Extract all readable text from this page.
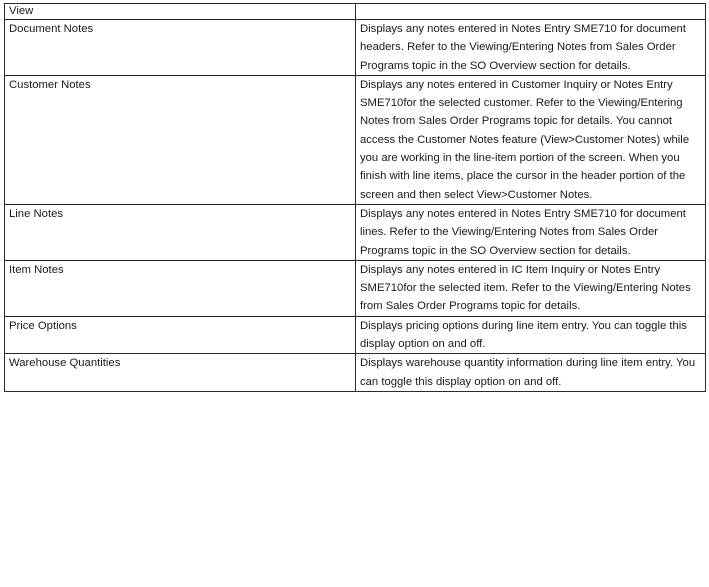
View	
Document Notes	Displays any notes entered in Notes Entry SME710 for document headers. Refer to the Viewing/Entering Notes from Sales Order Programs topic in the SO Overview section for details.
Customer Notes	Displays any notes entered in Customer Inquiry or Notes Entry SME710for the selected customer. Refer to the Viewing/Entering Notes from Sales Order Programs topic for details. You cannot access the Customer Notes feature (View>Customer Notes) while you are working in the line-item portion of the screen. When you finish with line items, place the cursor in the header portion of the screen and then select View>Customer Notes.
Line Notes	Displays any notes entered in Notes Entry SME710 for document lines. Refer to the Viewing/Entering Notes from Sales Order Programs topic in the SO Overview section for details.
Item Notes	Displays any notes entered in IC Item Inquiry or Notes Entry SME710for the selected item. Refer to the Viewing/Entering Notes from Sales Order Programs topic for details.
Price Options	Displays pricing options during line item entry. You can toggle this display option on and off.
Warehouse Quantities	Displays warehouse quantity information during line item entry. You can toggle this display option on and off.
